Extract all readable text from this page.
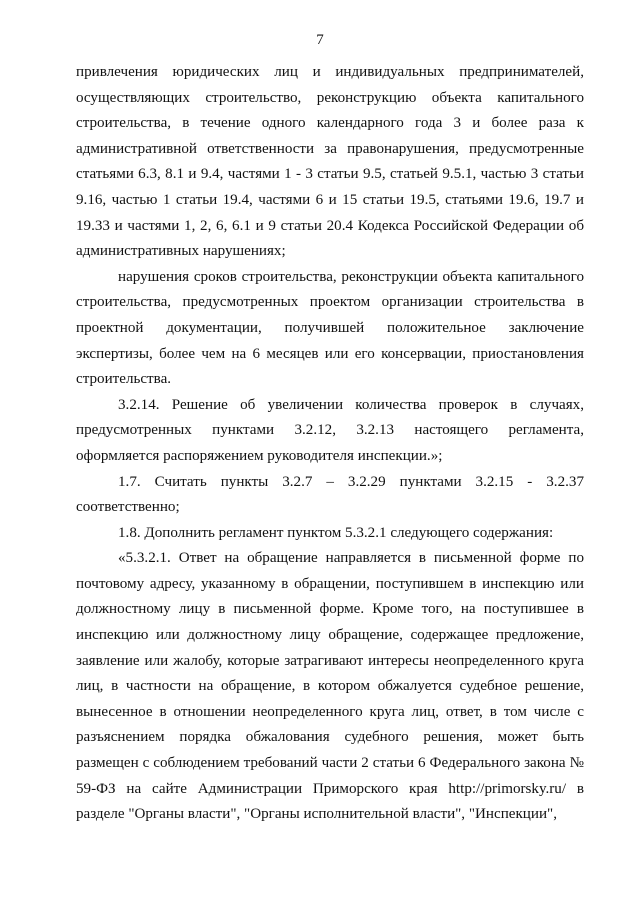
7

привлечения юридических лиц и индивидуальных предпринимателей, осуществляющих строительство, реконструкцию объекта капитального строительства, в течение одного календарного года 3 и более раза к административной ответственности за правонарушения, предусмотренные статьями 6.3, 8.1 и 9.4, частями 1 - 3 статьи 9.5, статьей 9.5.1, частью 3 статьи 9.16, частью 1 статьи 19.4, частями 6 и 15 статьи 19.5, статьями 19.6, 19.7 и 19.33 и частями 1, 2, 6, 6.1 и 9 статьи 20.4 Кодекса Российской Федерации об административных нарушениях;

нарушения сроков строительства, реконструкции объекта капитального строительства, предусмотренных проектом организации строительства в проектной документации, получившей положительное заключение экспертизы, более чем на 6 месяцев или его консервации, приостановления строительства.

3.2.14. Решение об увеличении количества проверок в случаях, предусмотренных пунктами 3.2.12, 3.2.13 настоящего регламента, оформляется распоряжением руководителя инспекции.»;

1.7. Считать пункты 3.2.7 – 3.2.29 пунктами 3.2.15 - 3.2.37 соответственно;

1.8. Дополнить регламент пунктом 5.3.2.1 следующего содержания:

«5.3.2.1. Ответ на обращение направляется в письменной форме по почтовому адресу, указанному в обращении, поступившем в инспекцию или должностному лицу в письменной форме. Кроме того, на поступившее в инспекцию или должностному лицу обращение, содержащее предложение, заявление или жалобу, которые затрагивают интересы неопределенного круга лиц, в частности на обращение, в котором обжалуется судебное решение, вынесенное в отношении неопределенного круга лиц, ответ, в том числе с разъяснением порядка обжалования судебного решения, может быть размещен с соблюдением требований части 2 статьи 6 Федерального закона № 59-ФЗ на сайте Администрации Приморского края http://primorsky.ru/ в разделе "Органы власти", "Органы исполнительной власти", "Инспекции",
